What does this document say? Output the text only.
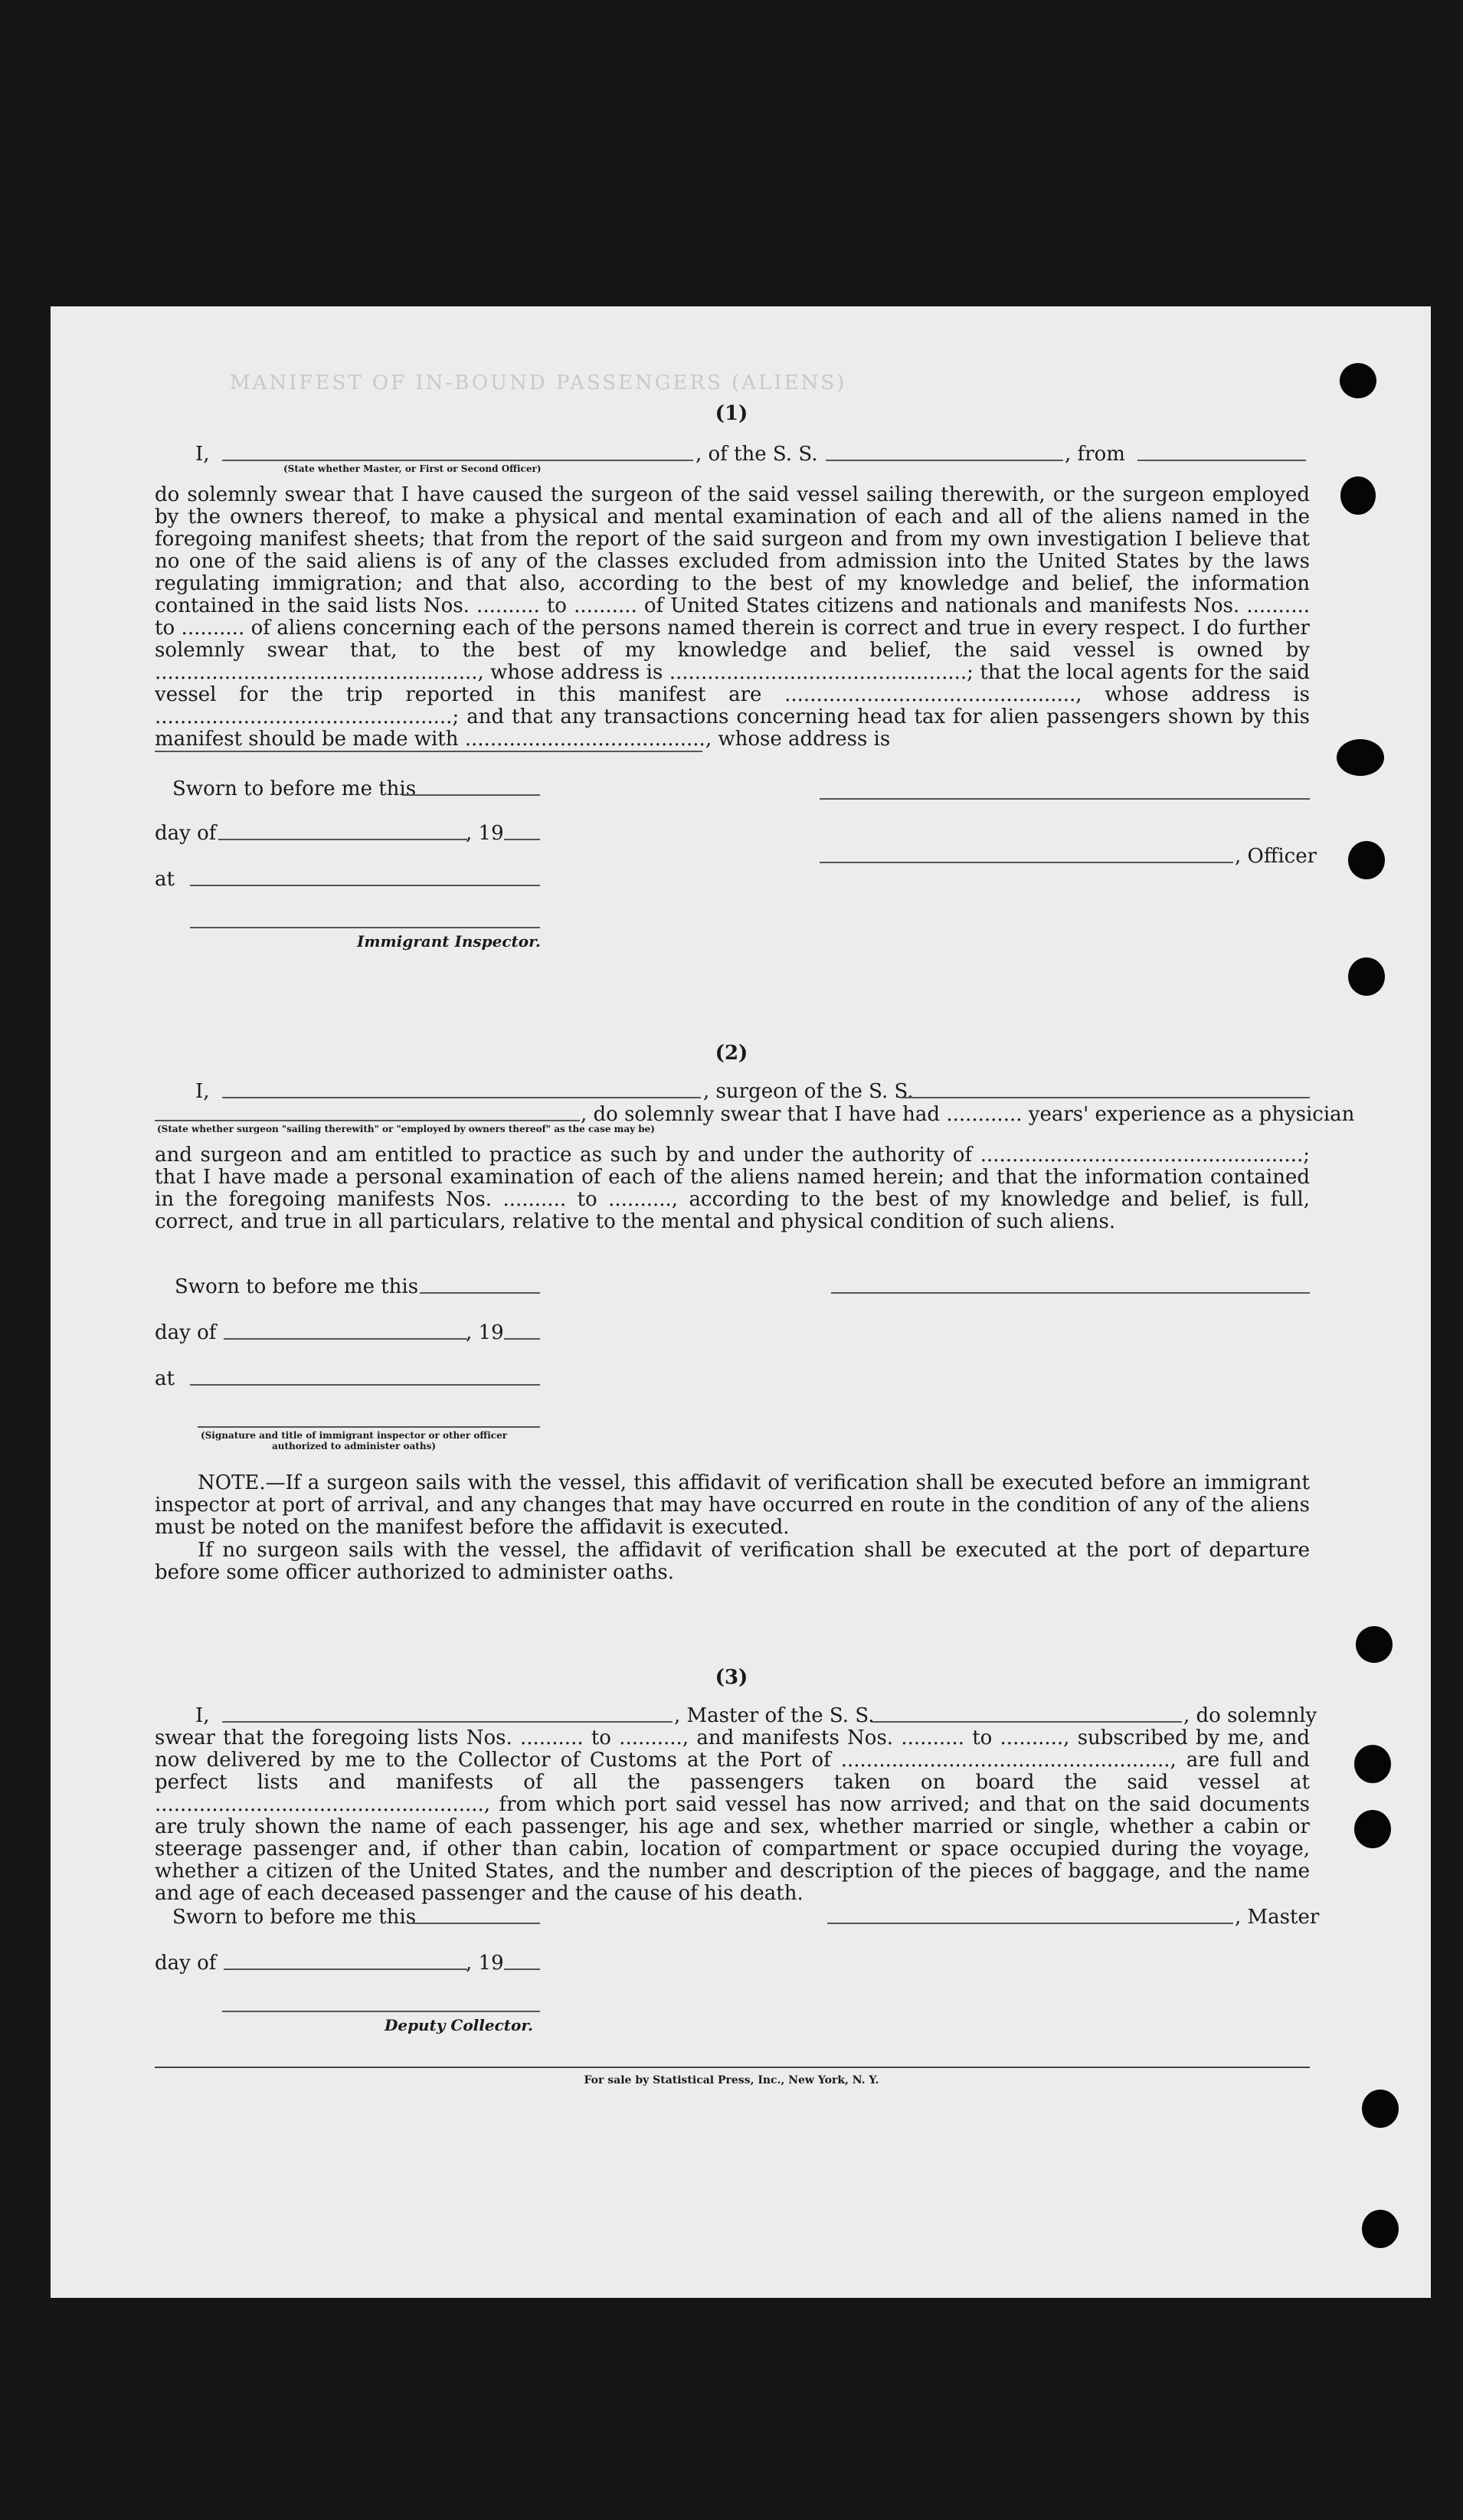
MANIFEST OF IN-BOUND PASSENGERS (ALIENS)
(1)
I,	, of the S. S.	, from
(State whether Master, or First or Second Officer)
do solemnly swear that I have caused the surgeon of the said vessel sailing therewith, or the surgeon employed by the owners thereof, to make a physical and mental examination of each and all of the aliens named in the foregoing manifest sheets; that from the report of the said surgeon and from my own investigation I believe that no one of the said aliens is of any of the classes excluded from admission into the United States by the laws regulating immigration; and that also, according to the best of my knowledge and belief, the information contained in the said lists Nos. .......... to .......... of United States citizens and nationals and manifests Nos. .......... to .......... of aliens concerning each of the persons named therein is correct and true in every respect. I do further solemnly swear that, to the best of my knowledge and belief, the said vessel is owned by ..................................................., whose address is ...............................................; that the local agents for the said vessel for the trip reported in this manifest are .............................................., whose address is ...............................................; and that any transactions concerning head tax for alien passengers shown by this manifest should be made with ......................................, whose address is
Sworn to before me this
day of	, 19
, Officer
at
Immigrant Inspector.
(2)
I,	, surgeon of the S. S.
, do solemnly swear that I have had ............ years' experience as a physician
(State whether surgeon "sailing therewith" or "employed by owners thereof" as the case may be)
and surgeon and am entitled to practice as such by and under the authority of ...................................................; that I have made a personal examination of each of the aliens named herein; and that the information contained in the foregoing manifests Nos. .......... to .........., according to the best of my knowledge and belief, is full, correct, and true in all particulars, relative to the mental and physical condition of such aliens.
Sworn to before me this
day of	, 19
at
(Signature and title of immigrant inspector or other officer authorized to administer oaths)
NOTE.—If a surgeon sails with the vessel, this affidavit of verification shall be executed before an immigrant inspector at port of arrival, and any changes that may have occurred en route in the condition of any of the aliens must be noted on the manifest before the affidavit is executed.
If no surgeon sails with the vessel, the affidavit of verification shall be executed at the port of departure before some officer authorized to administer oaths.
(3)
I,	, Master of the S. S.	, do solemnly
swear that the foregoing lists Nos. .......... to .........., and manifests Nos. .......... to .........., subscribed by me, and now delivered by me to the Collector of Customs at the Port of ...................................................., are full and perfect lists and manifests of all the passengers taken on board the said vessel at ...................................................., from which port said vessel has now arrived; and that on the said documents are truly shown the name of each passenger, his age and sex, whether married or single, whether a cabin or steerage passenger and, if other than cabin, location of compartment or space occupied during the voyage, whether a citizen of the United States, and the number and description of the pieces of baggage, and the name and age of each deceased passenger and the cause of his death.
Sworn to before me this	, Master
day of	, 19
Deputy Collector.
For sale by Statistical Press, Inc., New York, N. Y.
